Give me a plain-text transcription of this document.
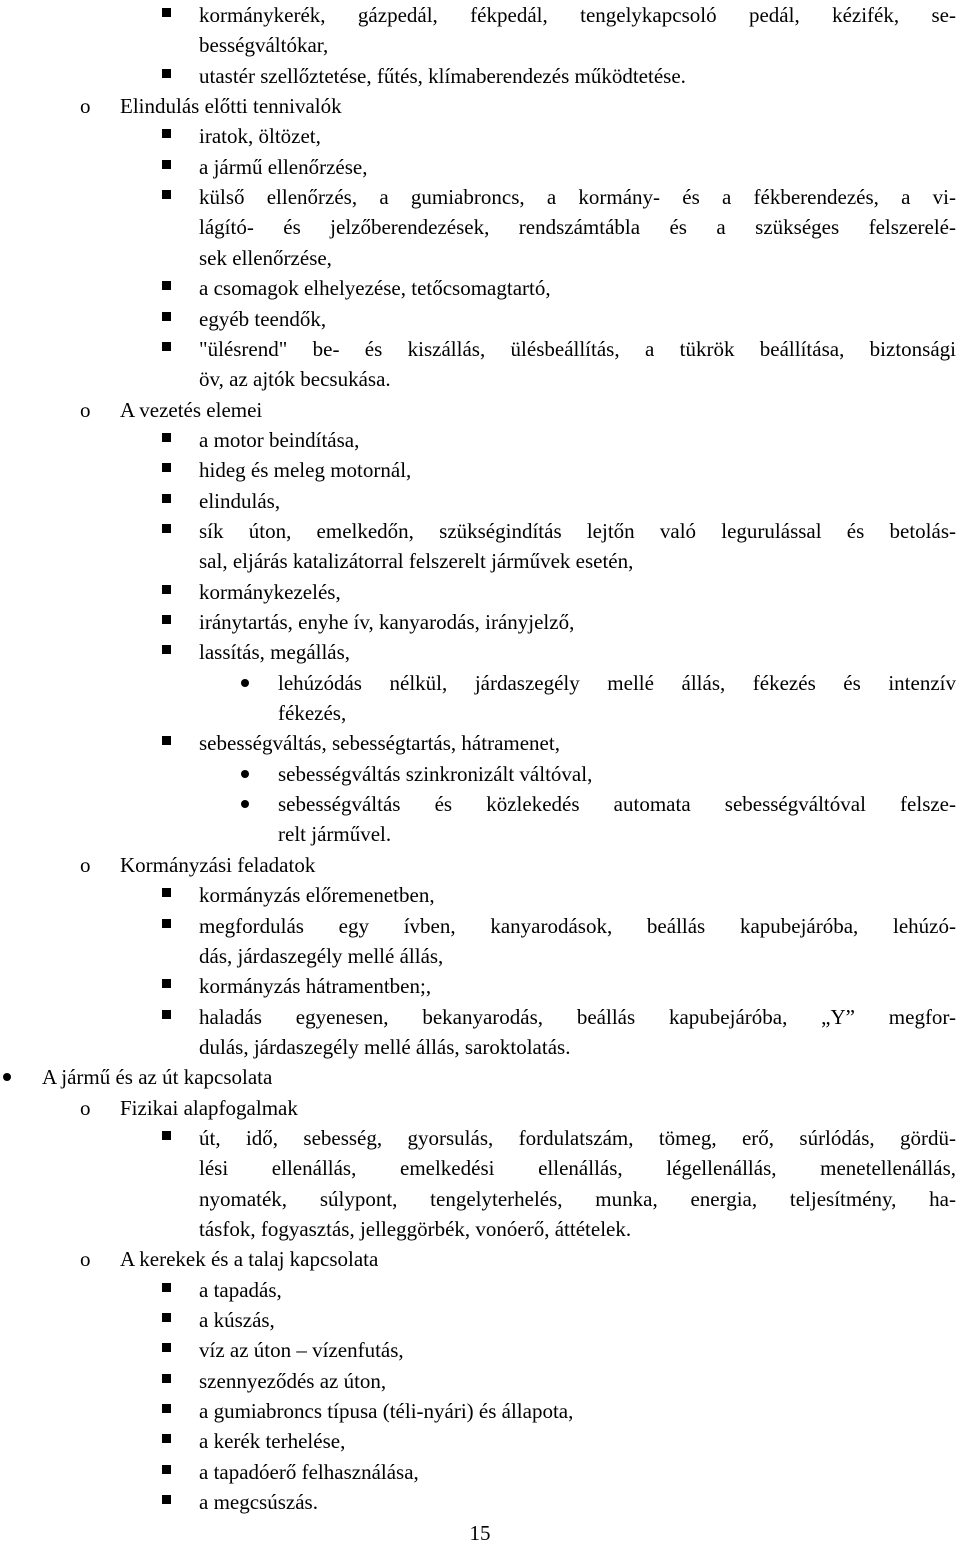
kormánykerék, gázpedál, fékpedál, tengelykapcsoló pedál, kézifék, se-
bességváltókar,
utastér szellőztetése, fűtés, klímaberendezés működtetése.
o Elindulás előtti tennivalók
iratok, öltözet,
a jármű ellenőrzése,
külső ellenőrzés, a gumiabroncs, a kormány- és a fékberendezés, a vi-
lágító- és jelzőberendezések, rendszámtábla és a szükséges felszerelé-
sek ellenőrzése,
a csomagok elhelyezése, tetőcsomagtartó,
egyéb teendők,
"ülésrend" be- és kiszállás, ülésbeállítás, a tükrök beállítása, biztonsági
öv, az ajtók becsukása.
o A vezetés elemei
a motor beindítása,
hideg és meleg motornál,
elindulás,
sík úton, emelkedőn, szükségindítás lejtőn való legurulással és betolás-
sal, eljárás katalizátorral felszerelt járművek esetén,
kormánykezelés,
iránytartás, enyhe ív, kanyarodás, irányjelző,
lassítás, megállás,
lehúzódás nélkül, járdaszegély mellé állás, fékezés és intenzív
fékezés,
sebességváltás, sebességtartás, hátramenet,
sebességváltás szinkronizált váltóval,
sebességváltás és közlekedés automata sebességváltóval felsze-
relt járművel.
o Kormányzási feladatok
kormányzás előremenetben,
megfordulás egy ívben, kanyarodások, beállás kapubejáróba, lehúzó-
dás, járdaszegély mellé állás,
kormányzás hátramentben;,
haladás egyenesen, bekanyarodás, beállás kapubejáróba, „Y” megfor-
dulás, járdaszegély mellé állás, saroktolatás.
A jármű és az út kapcsolata
o Fizikai alapfogalmak
út, idő, sebesség, gyorsulás, fordulatszám, tömeg, erő, súrlódás, gördü-
lési ellenállás, emelkedési ellenállás, légellenállás, menetellenállás,
nyomaték, súlypont, tengelyterhelés, munka, energia, teljesítmény, ha-
tásfok, fogyasztás, jelleggörbék, vonóerő, áttételek.
o A kerekek és a talaj kapcsolata
a tapadás,
a kúszás,
víz az úton – vízenfutás,
szennyeződés az úton,
a gumiabroncs típusa (téli-nyári) és állapota,
a kerék terhelése,
a tapadóerő felhasználása,
a megcsúszás.
15
